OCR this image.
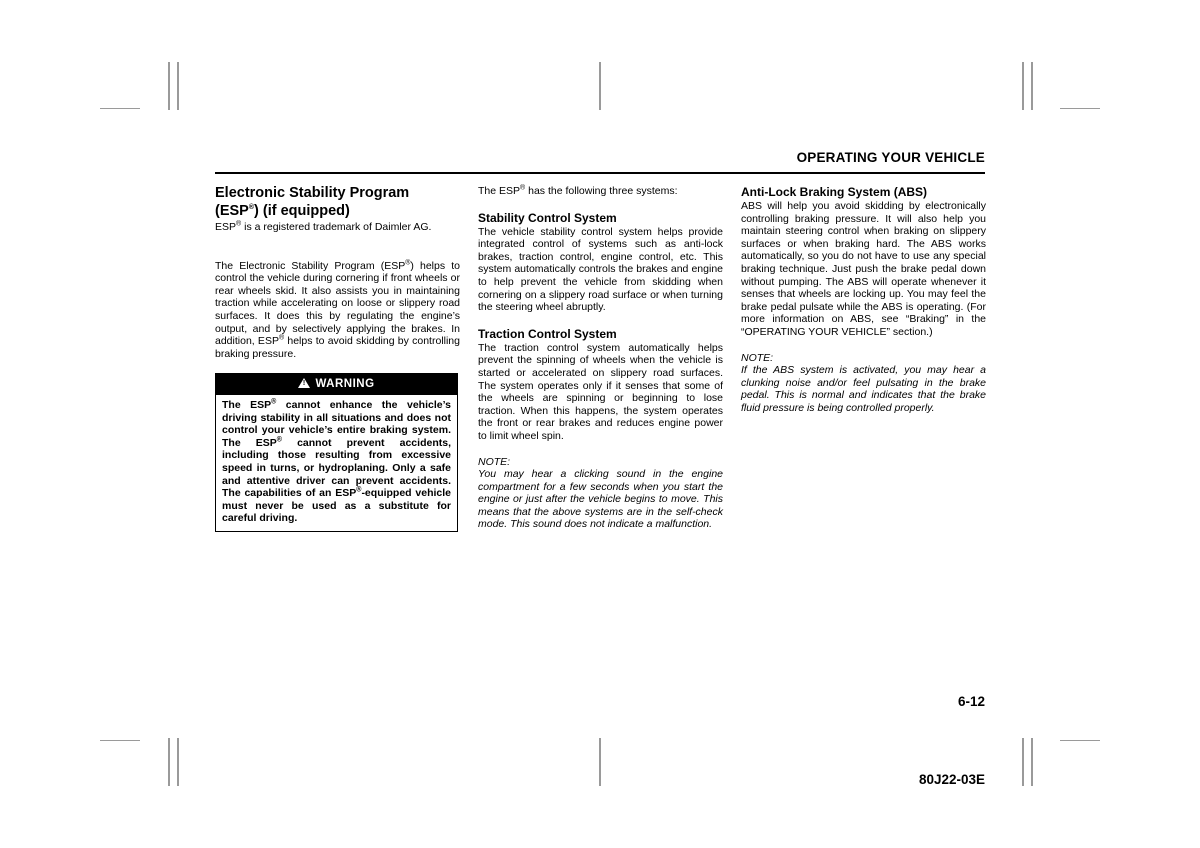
OPERATING YOUR VEHICLE
Electronic Stability Program
(ESP®) (if equipped)

ESP® is a registered trademark of Daimler AG.

The Electronic Stability Program (ESP®) helps to control the vehicle during cornering if front wheels or rear wheels skid. It also assists you in maintaining traction while accelerating on loose or slippery road surfaces. It does this by regulating the engine’s output, and by selectively applying the brakes. In addition, ESP® helps to avoid skidding by controlling braking pressure.

!WARNING
The ESP® cannot enhance the vehicle’s driving stability in all situations and does not control your vehicle’s entire braking system. The ESP® cannot prevent accidents, including those resulting from excessive speed in turns, or hydroplaning. Only a safe and attentive driver can prevent accidents. The capabilities of an ESP®-equipped vehicle must never be used as a substitute for careful driving.

The ESP® has the following three systems:

Stability Control System

The vehicle stability control system helps provide integrated control of systems such as anti-lock brakes, traction control, engine control, etc. This system automatically controls the brakes and engine to help prevent the vehicle from skidding when cornering on a slippery road surface or when turning the steering wheel abruptly.

Traction Control System

The traction control system automatically helps prevent the spinning of wheels when the vehicle is started or accelerated on slippery road surfaces. The system operates only if it senses that some of the wheels are spinning or beginning to lose traction. When this happens, the system operates the front or rear brakes and reduces engine power to limit wheel spin.

NOTE:

You may hear a clicking sound in the engine compartment for a few seconds when you start the engine or just after the vehicle begins to move. This means that the above systems are in the self-check mode. This sound does not indicate a malfunction.

Anti-Lock Braking System (ABS)

ABS will help you avoid skidding by electronically controlling braking pressure. It will also help you maintain steering control when braking on slippery surfaces or when braking hard. The ABS works automatically, so you do not have to use any special braking technique. Just push the brake pedal down without pumping. The ABS will operate whenever it senses that wheels are locking up. You may feel the brake pedal pulsate while the ABS is operating. (For more information on ABS, see “Braking” in the “OPERATING YOUR VEHICLE” section.)

NOTE:

If the ABS system is activated, you may hear a clunking noise and/or feel pulsating in the brake pedal. This is normal and indicates that the brake fluid pressure is being controlled properly.

6-12
80J22-03E
